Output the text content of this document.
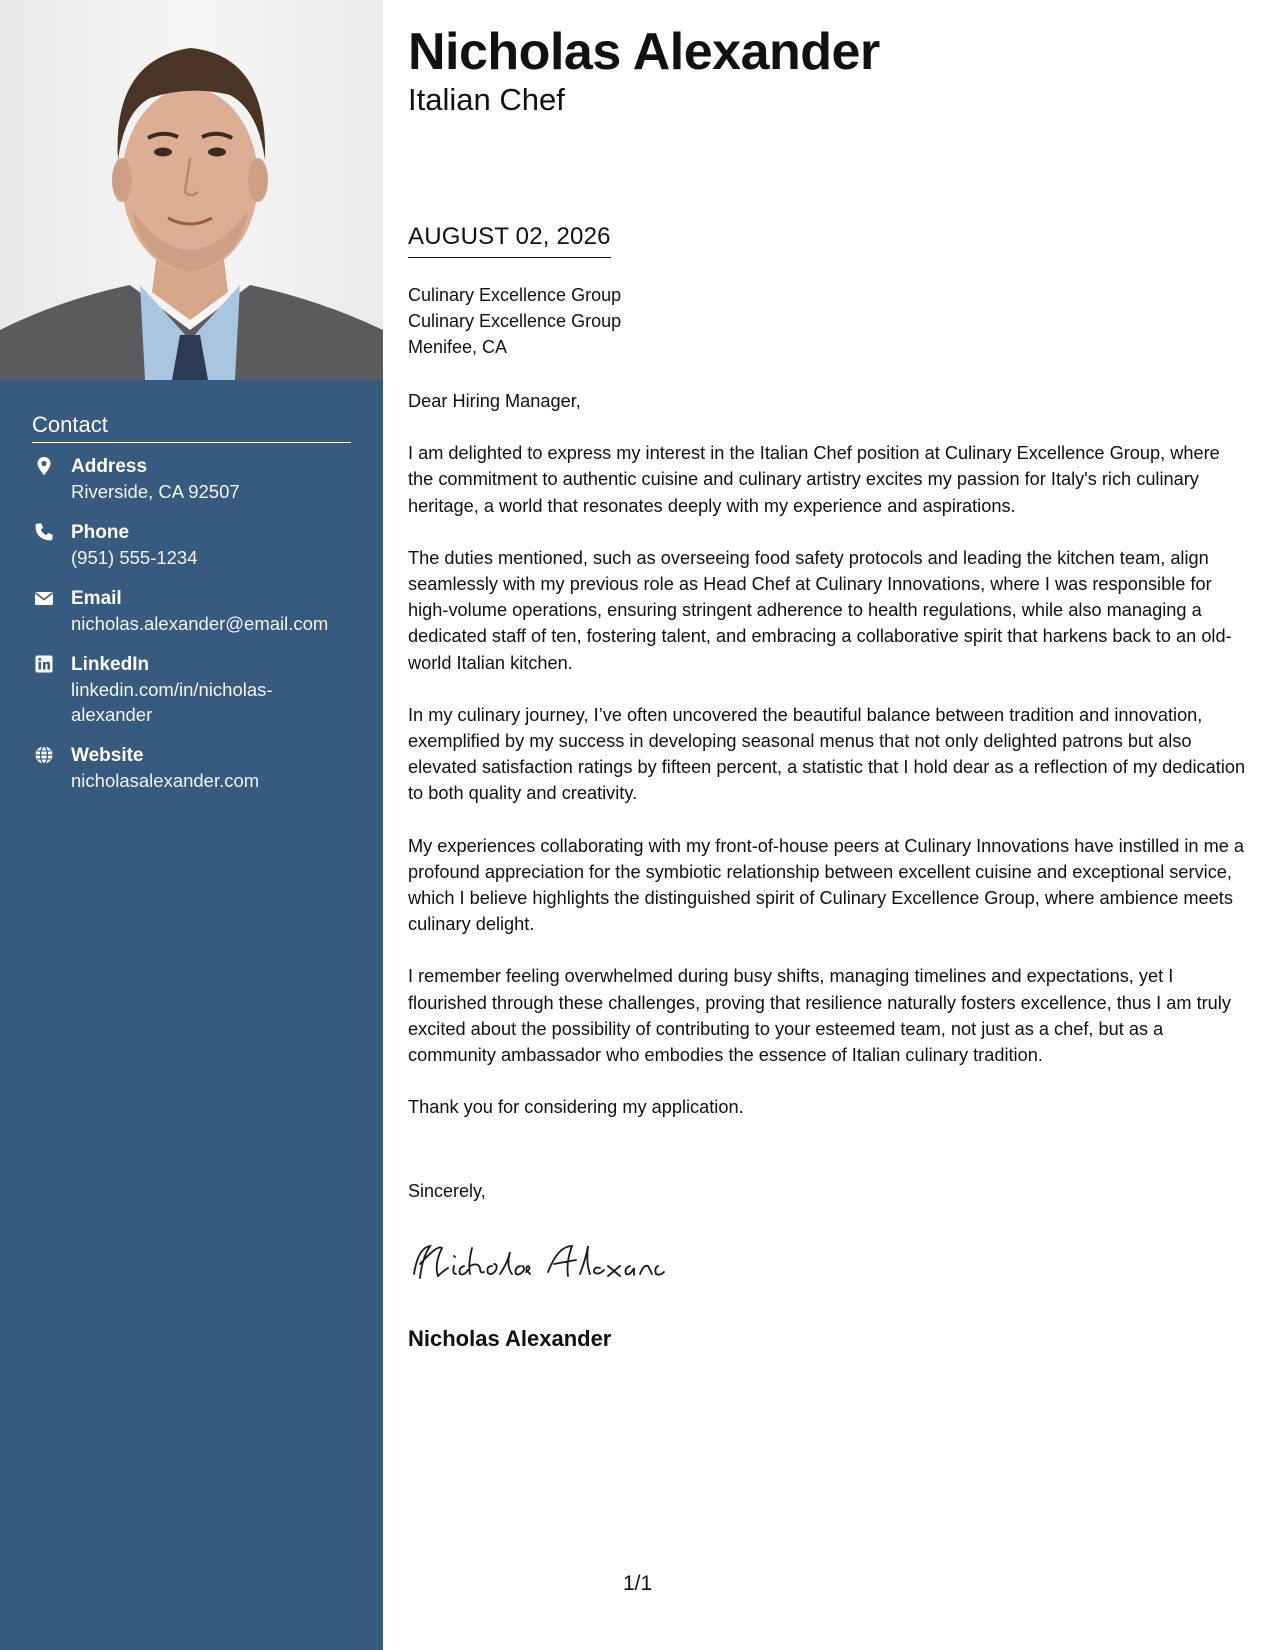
Contact
Address
Riverside, CA 92507
Phone
(951) 555-1234
Email
nicholas.alexander@email.com
LinkedIn
linkedin.com/in/nicholas-alexander
Website
nicholasalexander.com
Nicholas Alexander
Italian Chef
AUGUST 02, 2026
Culinary Excellence Group
Culinary Excellence Group
Menifee, CA

Dear Hiring Manager,

I am delighted to express my interest in the Italian Chef position at Culinary Excellence Group, where the commitment to authentic cuisine and culinary artistry excites my passion for Italy's rich culinary heritage, a world that resonates deeply with my experience and aspirations.

The duties mentioned, such as overseeing food safety protocols and leading the kitchen team, align seamlessly with my previous role as Head Chef at Culinary Innovations, where I was responsible for high-volume operations, ensuring stringent adherence to health regulations, while also managing a dedicated staff of ten, fostering talent, and embracing a collaborative spirit that harkens back to an old-world Italian kitchen.

In my culinary journey, I’ve often uncovered the beautiful balance between tradition and innovation, exemplified by my success in developing seasonal menus that not only delighted patrons but also elevated satisfaction ratings by fifteen percent, a statistic that I hold dear as a reflection of my dedication to both quality and creativity.

My experiences collaborating with my front-of-house peers at Culinary Innovations have instilled in me a profound appreciation for the symbiotic relationship between excellent cuisine and exceptional service, which I believe highlights the distinguished spirit of Culinary Excellence Group, where ambience meets culinary delight.

I remember feeling overwhelmed during busy shifts, managing timelines and expectations, yet I flourished through these challenges, proving that resilience naturally fosters excellence, thus I am truly excited about the possibility of contributing to your esteemed team, not just as a chef, but as a community ambassador who embodies the essence of Italian culinary tradition.

Thank you for considering my application.

Sincerely,
Nicholas Alexander
1/1
